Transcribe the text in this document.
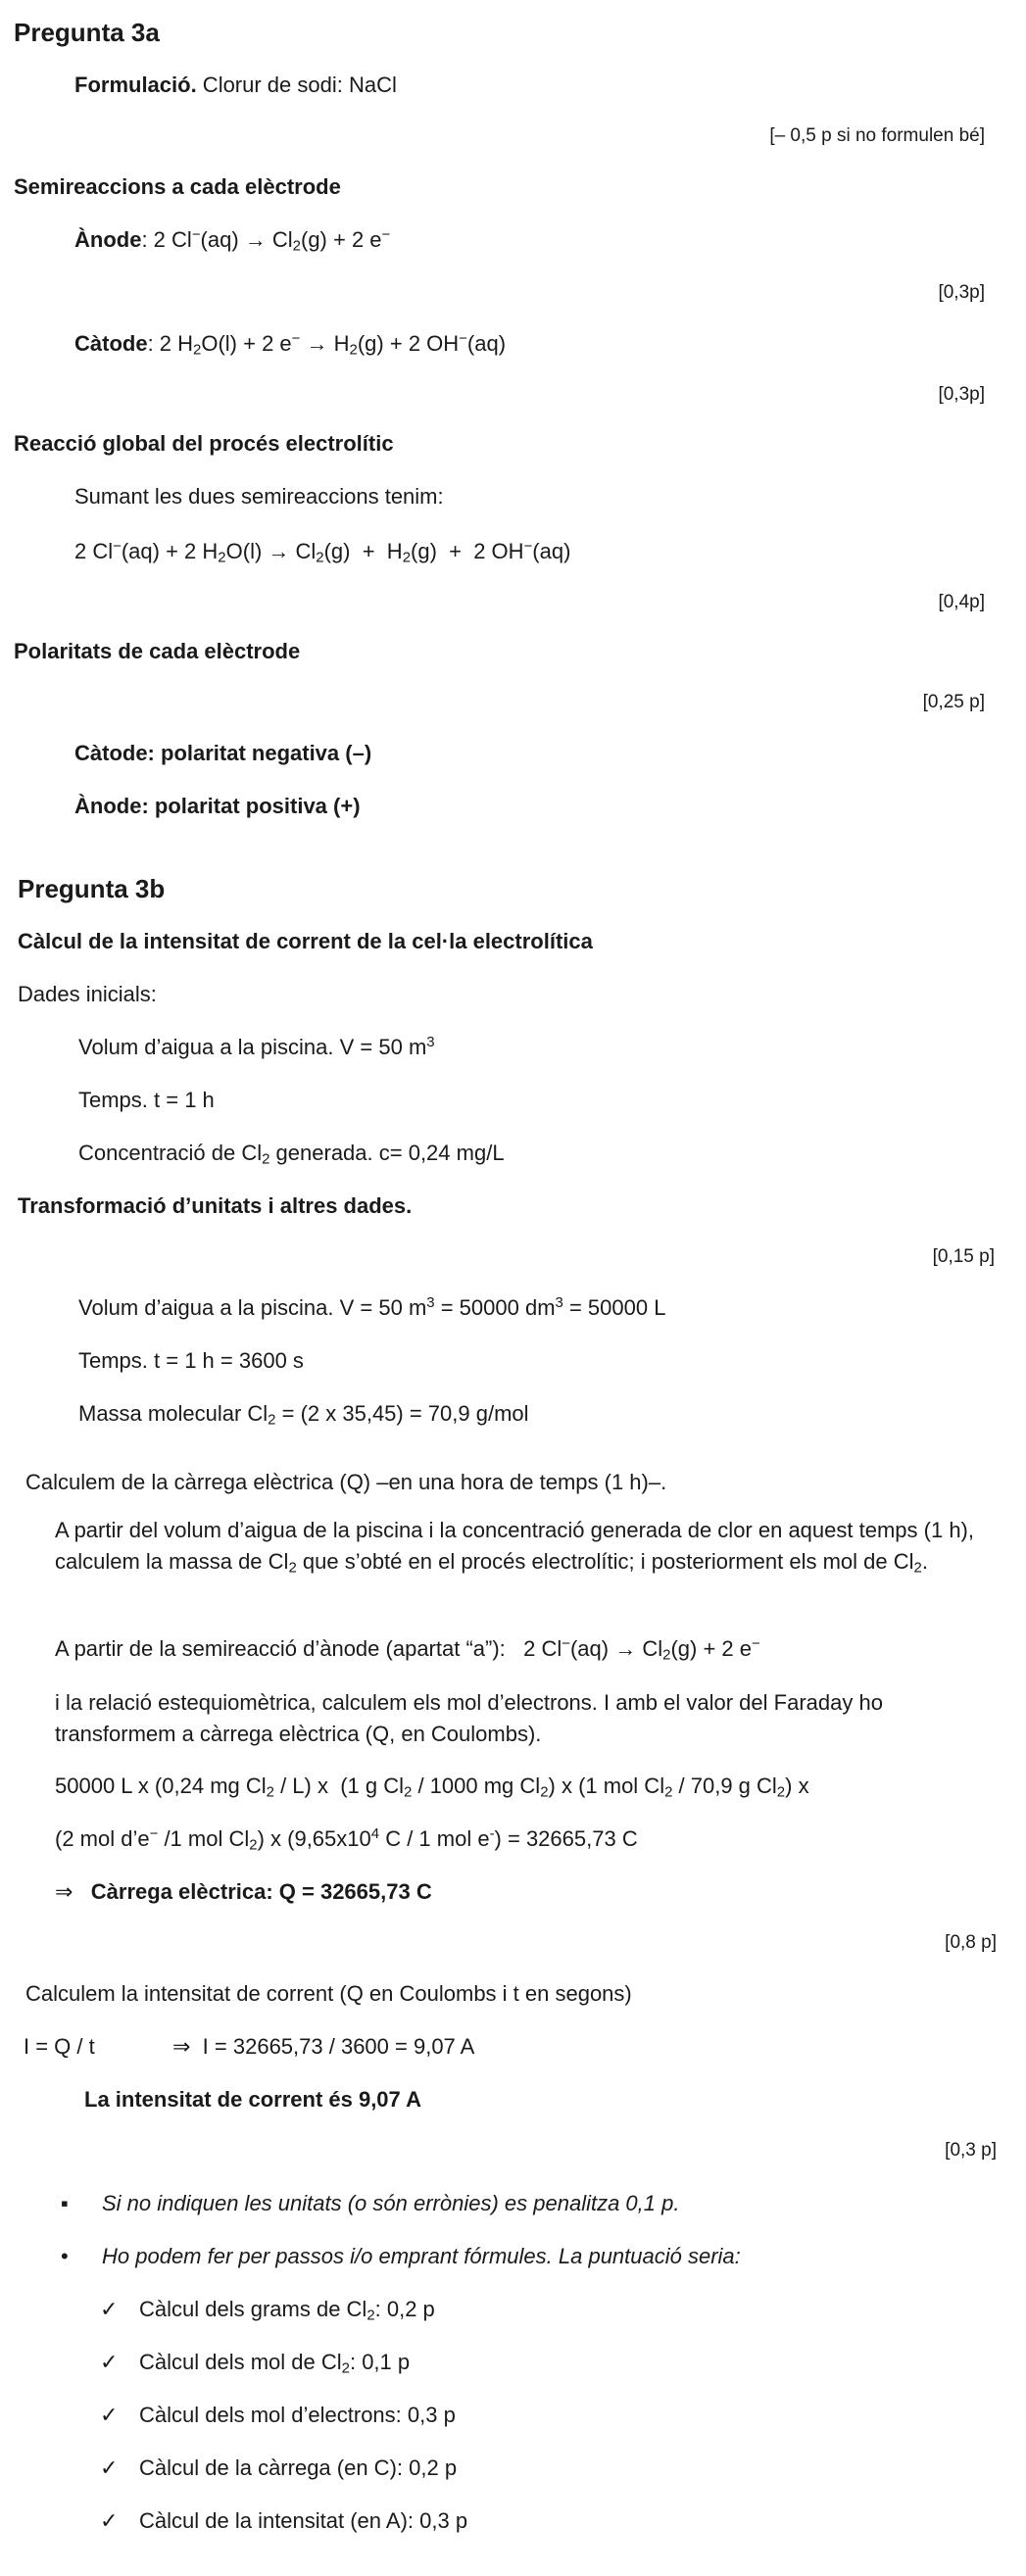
Pregunta 3a
Formulació. Clorur de sodi: NaCl
[– 0,5 p si no formulen bé]
Semireaccions a cada elèctrode
Ànode: 2 $Cl^-(aq) \to Cl_2(g) + 2$ e−
[0,3p]
Càtode: 2 $H_2O(l) + 2$ $e^- \to H_2(g) + 2$ OH−(aq)
[0,3p]
Reacció global del procés electrolític
Sumant les dues semireaccions tenim:
2 Cl−(aq) + 2 $H_2O(l) \to Cl_2(g) + H_2(g) + 2$ OH−(aq)
[0,4p]
Polaritats de cada elèctrode
[0,25 p]
Càtode: polaritat negativa (–)
Ànode: polaritat positiva (+)
Pregunta 3b
Càlcul de la intensitat de corrent de la cel·la electrolítica
Dades inicials:
Volum d’aigua a la piscina. V = 50 $m^3$
Temps. t = 1 h
Concentració de $Cl_2$ generada. c= 0,24 mg/L
Transformació d’unitats i altres dades.
[0,15 p]
Volum d’aigua a la piscina. V = 50 $m^3 = 50000$ $dm^3 = 50000$ L
Temps. t = 1 h = 3600 s
Massa molecular $Cl_2 = (2$ x 35,45) = 70,9 g/mol
Calculem de la càrrega elèctrica (Q) –en una hora de temps (1 h)–.
A partir del volum d’aigua de la piscina i la concentració generada de clor en aquest temps (1 h), calculem la massa de $Cl_2$ que s’obté en el procés electrolític; i posteriorment els mol de $Cl_2$.
A partir de la semireacció d’ànode (apartat “a”):   2 $Cl^-(aq) \to Cl_2(g) + 2$ e−
i la relació estequiomètrica, calculem els mol d’electrons. I amb el valor del Faraday ho transformem a càrrega elèctrica (Q, en Coulombs).
50000 L x (0,24 mg $Cl_2 / L$) x  (1 g $Cl_2 / 1000$ mg $Cl_2$) x (1 mol $Cl_2 / 70,9$ g $Cl_2$) x
(2 mol d’e− /1 mol $Cl_2$) x ($9,65x10^4$ C / 1 mol e-) = 32665,73 C
⇒ Càrrega elèctrica: Q = 32665,73 C
[0,8 p]
Calculem la intensitat de corrent (Q en Coulombs i t en segons)
I = Q / t	⇒ I = 32665,73 / 3600 = 9,07 A
La intensitat de corrent és 9,07 A
[0,3 p]
▪ Si no indiquen les unitats (o són errònies) es penalitza 0,1 p.
• Ho podem fer per passos i/o emprant fórmules. La puntuació seria:
✓ Càlcul dels grams de $Cl_2$: 0,2 p
✓ Càlcul dels mol de $Cl_2$: 0,1 p
✓ Càlcul dels mol d’electrons: 0,3 p
✓ Càlcul de la càrrega (en C): 0,2 p
✓ Càlcul de la intensitat (en A): 0,3 p
